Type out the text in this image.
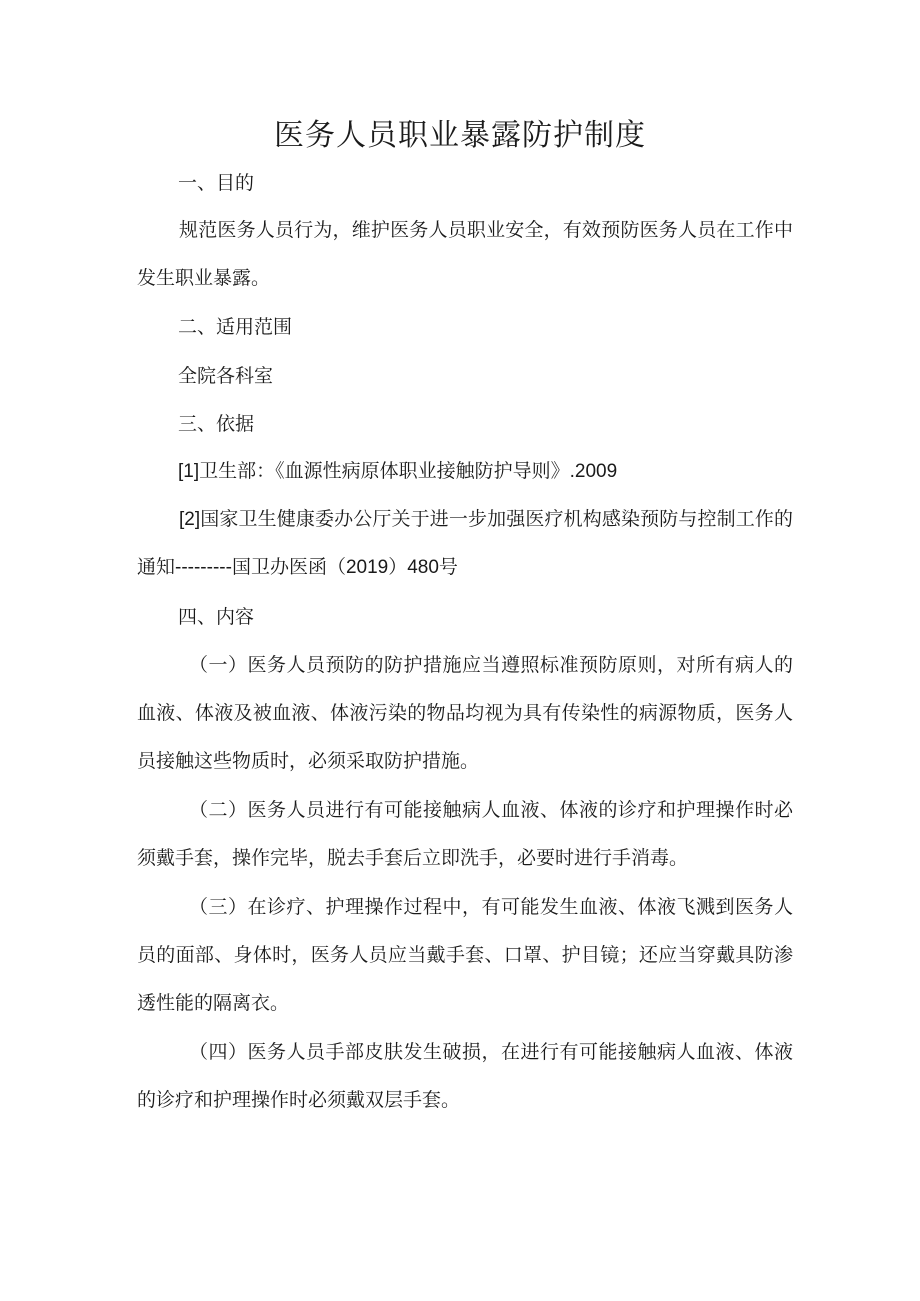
医务人员职业暴露防护制度

一、目的

规范医务人员行为，维护医务人员职业安全，有效预防医务人员在工作中发生职业暴露。

二、适用范围

全院各科室

三、依据

[1]卫生部：《血源性病原体职业接触防护导则》.2009

[2]国家卫生健康委办公厅关于进一步加强医疗机构感染预防与控制工作的通知---------国卫办医函（2019）480号

四、内容

（一）医务人员预防的防护措施应当遵照标准预防原则，对所有病人的血液、体液及被血液、体液污染的物品均视为具有传染性的病源物质，医务人员接触这些物质时，必须采取防护措施。

（二）医务人员进行有可能接触病人血液、体液的诊疗和护理操作时必须戴手套，操作完毕，脱去手套后立即洗手，必要时进行手消毒。

（三）在诊疗、护理操作过程中，有可能发生血液、体液飞溅到医务人员的面部、身体时，医务人员应当戴手套、口罩、护目镜；还应当穿戴具防渗透性能的隔离衣。

（四）医务人员手部皮肤发生破损，在进行有可能接触病人血液、体液的诊疗和护理操作时必须戴双层手套。
